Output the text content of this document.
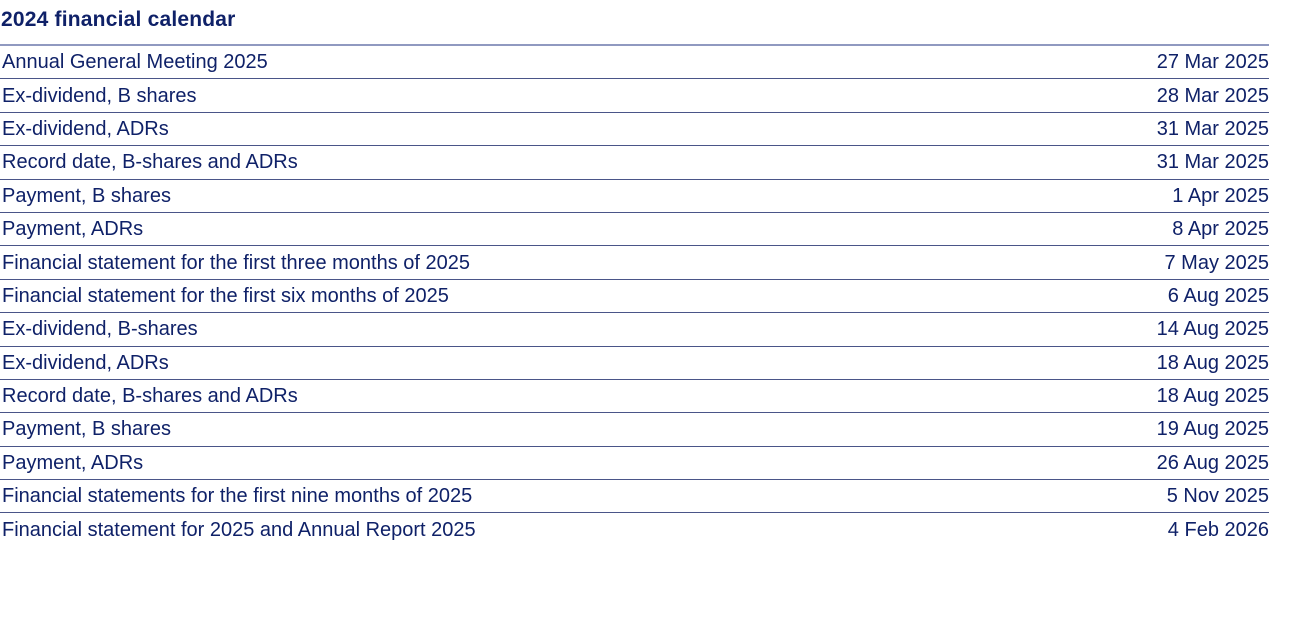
2024 financial calendar
Annual General Meeting 2025	27 Mar 2025
Ex-dividend, B shares	28 Mar 2025
Ex-dividend, ADRs	31 Mar 2025
Record date, B-shares and ADRs	31 Mar 2025
Payment, B shares	1 Apr 2025
Payment, ADRs	8 Apr 2025
Financial statement for the first three months of 2025	7 May 2025
Financial statement for the first six months of 2025	6 Aug 2025
Ex-dividend, B-shares	14 Aug 2025
Ex-dividend, ADRs	18 Aug 2025
Record date, B-shares and ADRs	18 Aug 2025
Payment, B shares	19 Aug 2025
Payment, ADRs	26 Aug 2025
Financial statements for the first nine months of 2025	5 Nov 2025
Financial statement for 2025 and Annual Report 2025	4 Feb 2026
